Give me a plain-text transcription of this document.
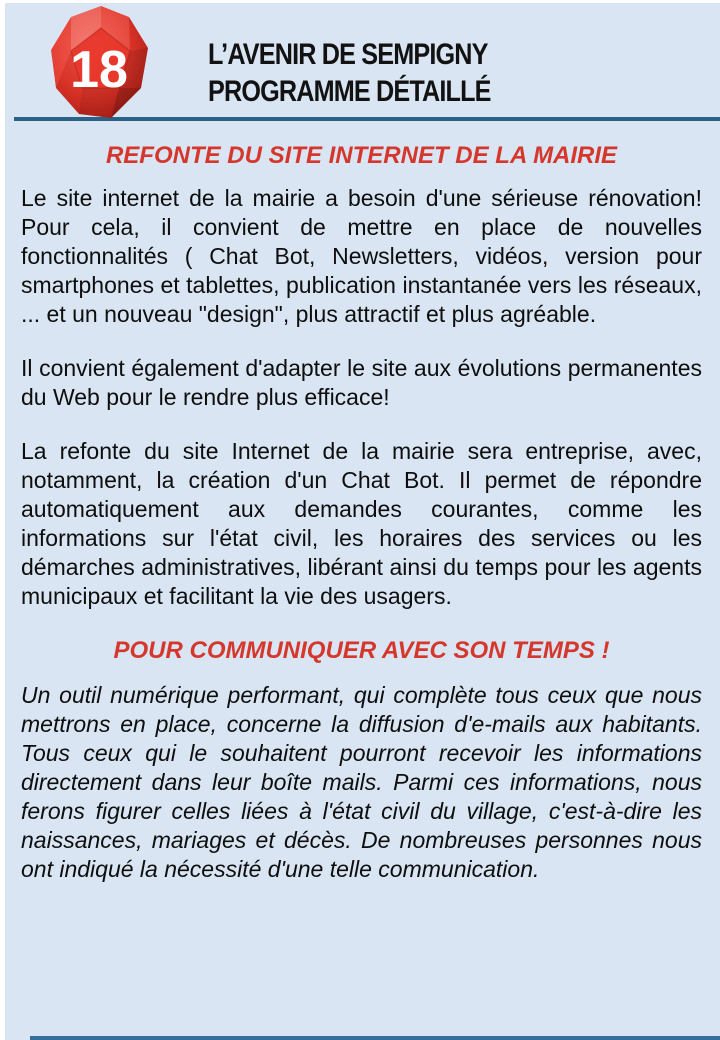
18	L’AVENIR DE SEMPIGNY
PROGRAMME DÉTAILLÉ
REFONTE DU SITE INTERNET DE LA MAIRIE

Le site internet de la mairie a besoin d'une sérieuse rénovation! Pour cela, il convient de mettre en place de nouvelles fonctionnalités ( Chat Bot, Newsletters, vidéos, version pour smartphones et tablettes, publication instantanée vers les réseaux, ... et un nouveau "design", plus attractif et plus agréable.

Il convient également d'adapter le site aux évolutions permanentes du Web pour le rendre plus efficace!

La refonte du site Internet de la mairie sera entreprise, avec, notamment, la création d'un Chat Bot. Il permet de répondre automatiquement aux demandes courantes, comme les informations sur l'état civil, les horaires des services ou les démarches administratives, libérant ainsi du temps pour les agents municipaux et facilitant la vie des usagers.

POUR COMMUNIQUER AVEC SON TEMPS !

Un outil numérique performant, qui complète tous ceux que nous mettrons en place, concerne la diffusion d'e-mails aux habitants. Tous ceux qui le souhaitent pourront recevoir les informations directement dans leur boîte mails. Parmi ces informations, nous ferons figurer celles liées à l'état civil du village, c'est-à-dire les naissances, mariages et décès. De nombreuses personnes nous ont indiqué la nécessité d'une telle communication.
